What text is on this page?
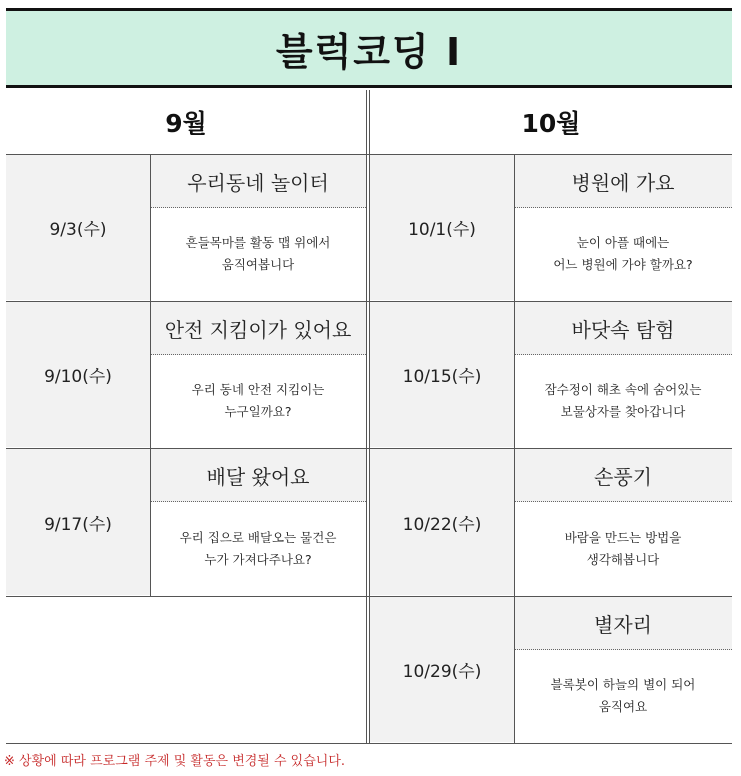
블럭코딩 I
9월	10월
9/3(수)
우리동네 놀이터
흔들목마를 활동 맵 위에서
움직여봅니다
9/10(수)
안전 지킴이가 있어요
우리 동네 안전 지킴이는
누구일까요?
9/17(수)
배달 왔어요
우리 집으로 배달오는 물건은
누가 가져다주나요?
10/1(수)
병원에 가요
눈이 아플 때에는
어느 병원에 가야 할까요?
10/15(수)
바닷속 탐험
잠수정이 해초 속에 숨어있는
보물상자를 찾아갑니다
10/22(수)
손풍기
바람을 만드는 방법을
생각해봅니다
10/29(수)
별자리
블록봇이 하늘의 별이 되어
움직여요
※ 상황에 따라 프로그램 주제 및 활동은 변경될 수 있습니다.
